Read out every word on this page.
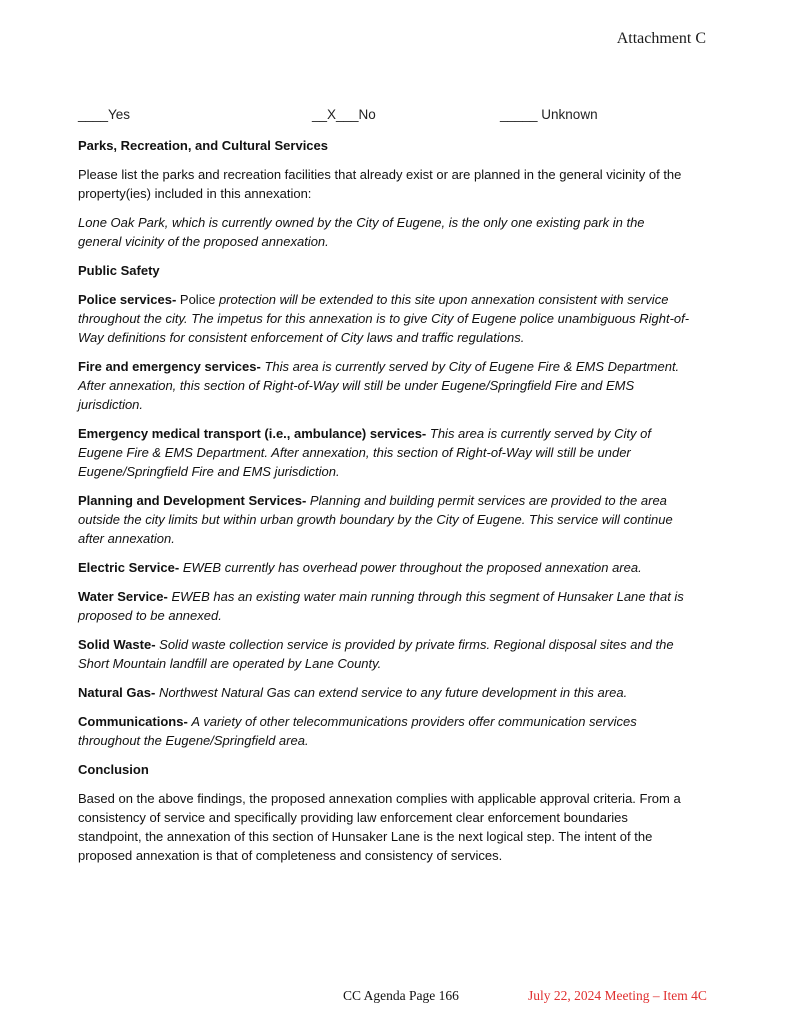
Attachment C
____Yes	__X___No	_____ Unknown

Parks, Recreation, and Cultural Services

Please list the parks and recreation facilities that already exist or are planned in the general vicinity of the property(ies) included in this annexation:

Lone Oak Park, which is currently owned by the City of Eugene, is the only one existing park in the general vicinity of the proposed annexation.

Public Safety

Police services- Police protection will be extended to this site upon annexation consistent with service throughout the city. The impetus for this annexation is to give City of Eugene police unambiguous Right-of-Way definitions for consistent enforcement of City laws and traffic regulations.

Fire and emergency services- This area is currently served by City of Eugene Fire & EMS Department. After annexation, this section of Right-of-Way will still be under Eugene/Springfield Fire and EMS jurisdiction.

Emergency medical transport (i.e., ambulance) services- This area is currently served by City of Eugene Fire & EMS Department. After annexation, this section of Right-of-Way will still be under Eugene/Springfield Fire and EMS jurisdiction.

Planning and Development Services- Planning and building permit services are provided to the area outside the city limits but within urban growth boundary by the City of Eugene. This service will continue after annexation.

Electric Service- EWEB currently has overhead power throughout the proposed annexation area.

Water Service- EWEB has an existing water main running through this segment of Hunsaker Lane that is proposed to be annexed.

Solid Waste- Solid waste collection service is provided by private firms. Regional disposal sites and the Short Mountain landfill are operated by Lane County.

Natural Gas- Northwest Natural Gas can extend service to any future development in this area.

Communications- A variety of other telecommunications providers offer communication services throughout the Eugene/Springfield area.

Conclusion

Based on the above findings, the proposed annexation complies with applicable approval criteria. From a consistency of service and specifically providing law enforcement clear enforcement boundaries standpoint, the annexation of this section of Hunsaker Lane is the next logical step. The intent of the proposed annexation is that of completeness and consistency of services.

CC Agenda Page 166	July 22, 2024 Meeting – Item 4C
